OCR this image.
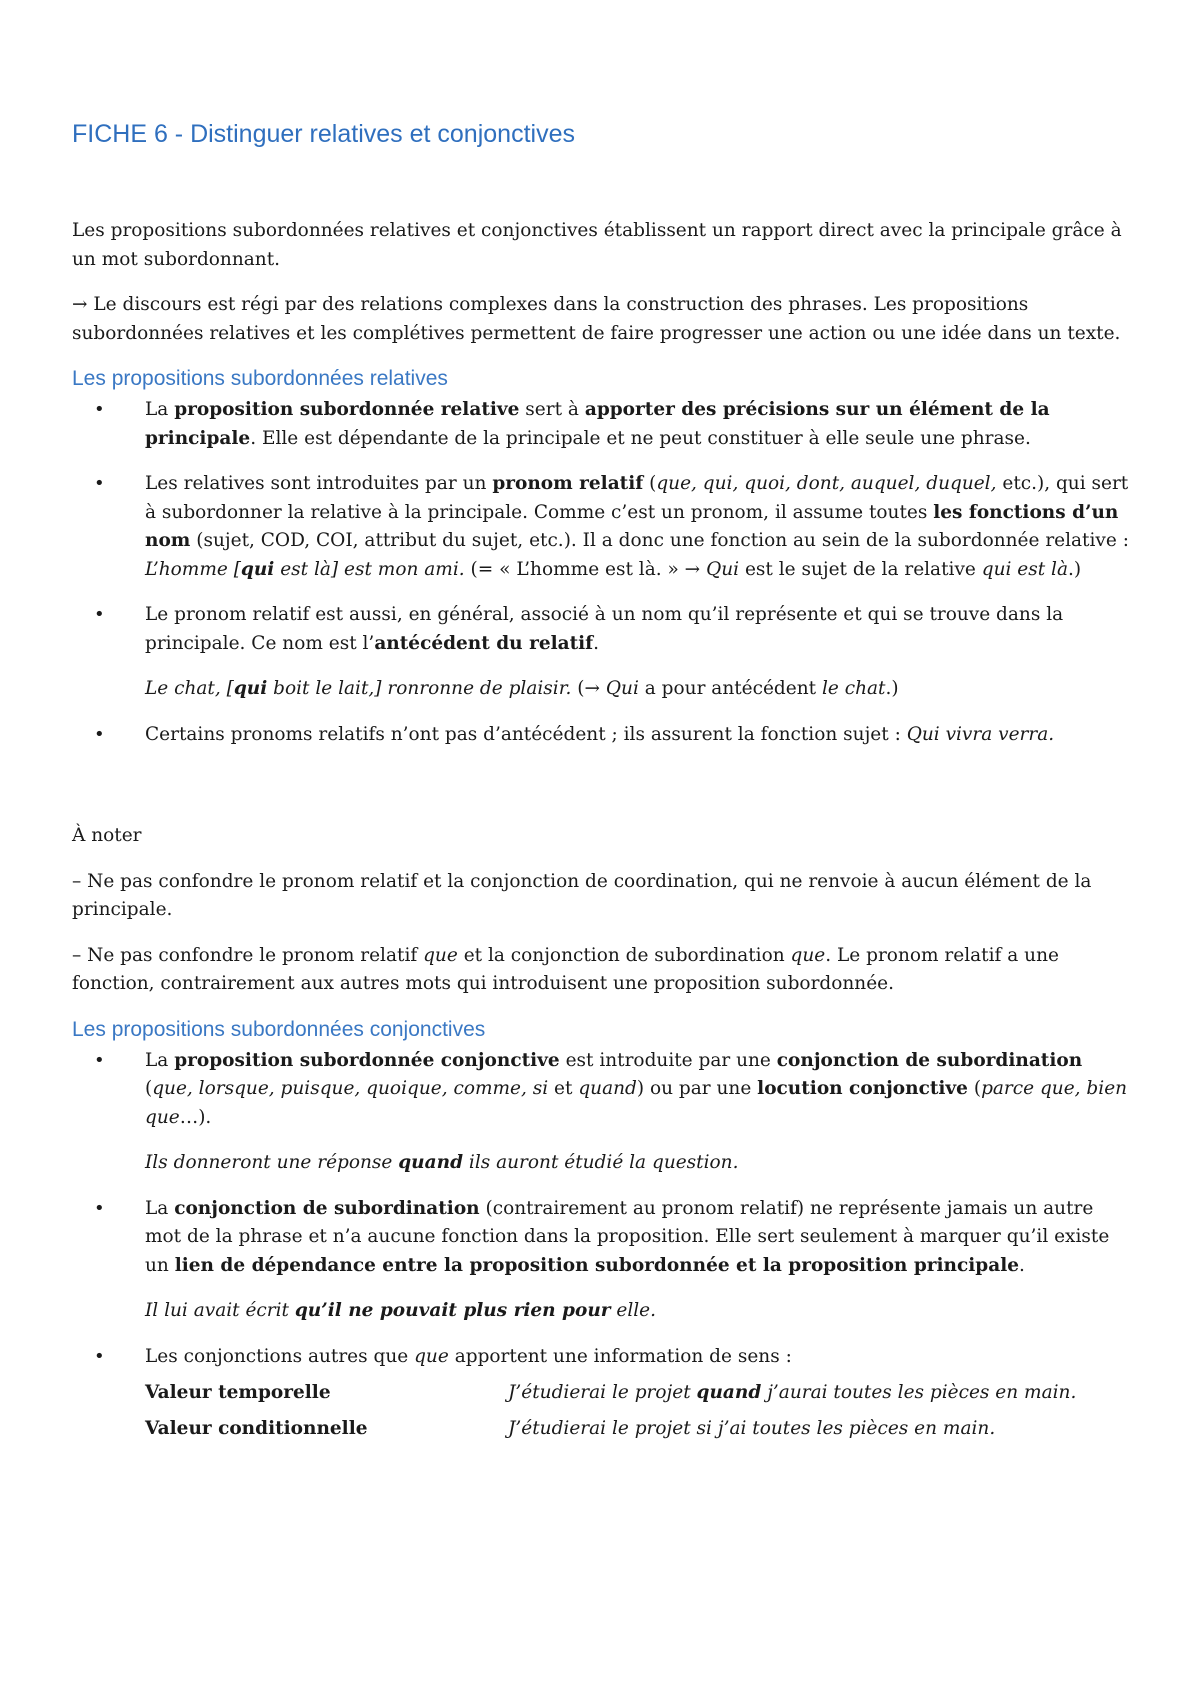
FICHE 6 - Distinguer relatives et conjonctives

Les propositions subordonnées relatives et conjonctives établissent un rapport direct avec la principale grâce à un mot subordonnant.

→ Le discours est régi par des relations complexes dans la construction des phrases. Les propositions subordonnées relatives et les complétives permettent de faire progresser une action ou une idée dans un texte.

Les propositions subordonnées relatives
• La proposition subordonnée relative sert à apporter des précisions sur un élément de la principale. Elle est dépendante de la principale et ne peut constituer à elle seule une phrase.
• Les relatives sont introduites par un pronom relatif (que, qui, quoi, dont, auquel, duquel, etc.), qui sert à subordonner la relative à la principale. Comme c’est un pronom, il assume toutes les fonctions d’un nom (sujet, COD, COI, attribut du sujet, etc.). Il a donc une fonction au sein de la subordonnée relative : L’homme [qui est là] est mon ami. (= « L’homme est là. » → Qui est le sujet de la relative qui est là.)
• Le pronom relatif est aussi, en général, associé à un nom qu’il représente et qui se trouve dans la principale. Ce nom est l’antécédent du relatif.
Le chat, [qui boit le lait,] ronronne de plaisir. (→ Qui a pour antécédent le chat.)
• Certains pronoms relatifs n’ont pas d’antécédent ; ils assurent la fonction sujet : Qui vivra verra.

À noter

– Ne pas confondre le pronom relatif et la conjonction de coordination, qui ne renvoie à aucun élément de la principale.

– Ne pas confondre le pronom relatif que et la conjonction de subordination que. Le pronom relatif a une fonction, contrairement aux autres mots qui introduisent une proposition subordonnée.

Les propositions subordonnées conjonctives
• La proposition subordonnée conjonctive est introduite par une conjonction de subordination (que, lorsque, puisque, quoique, comme, si et quand) ou par une locution conjonctive (parce que, bien que…).
Ils donneront une réponse quand ils auront étudié la question.
• La conjonction de subordination (contrairement au pronom relatif) ne représente jamais un autre mot de la phrase et n’a aucune fonction dans la proposition. Elle sert seulement à marquer qu’il existe un lien de dépendance entre la proposition subordonnée et la proposition principale.
Il lui avait écrit qu’il ne pouvait plus rien pour elle.
• Les conjonctions autres que que apportent une information de sens :
Valeur temporelle	J’étudierai le projet quand j’aurai toutes les pièces en main.
Valeur conditionnelle	J’étudierai le projet si j’ai toutes les pièces en main.
